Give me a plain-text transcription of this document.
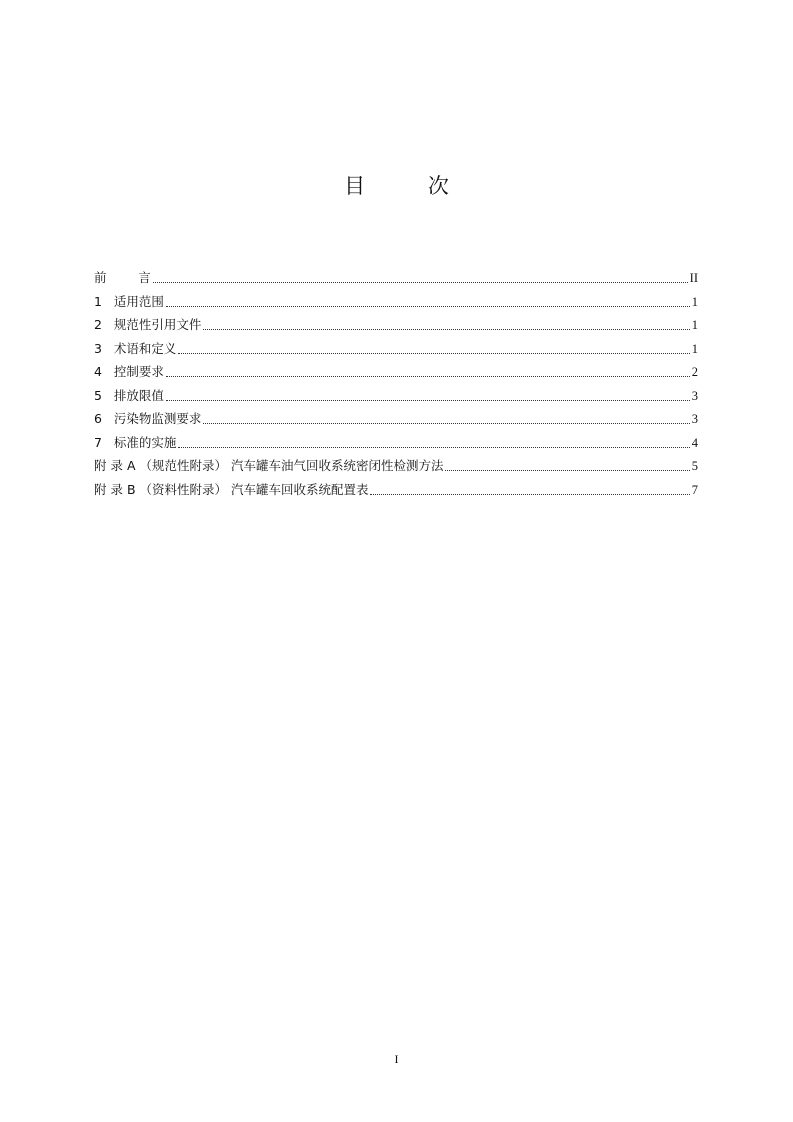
目 次
前        言	II
1   适用范围	1
2   规范性引用文件	1
3   术语和定义	1
4   控制要求	2
5   排放限值	3
6   污染物监测要求	3
7   标准的实施	4
附 录 A （规范性附录） 汽车罐车油气回收系统密闭性检测方法	5
附 录 B （资料性附录） 汽车罐车回收系统配置表	7
I
